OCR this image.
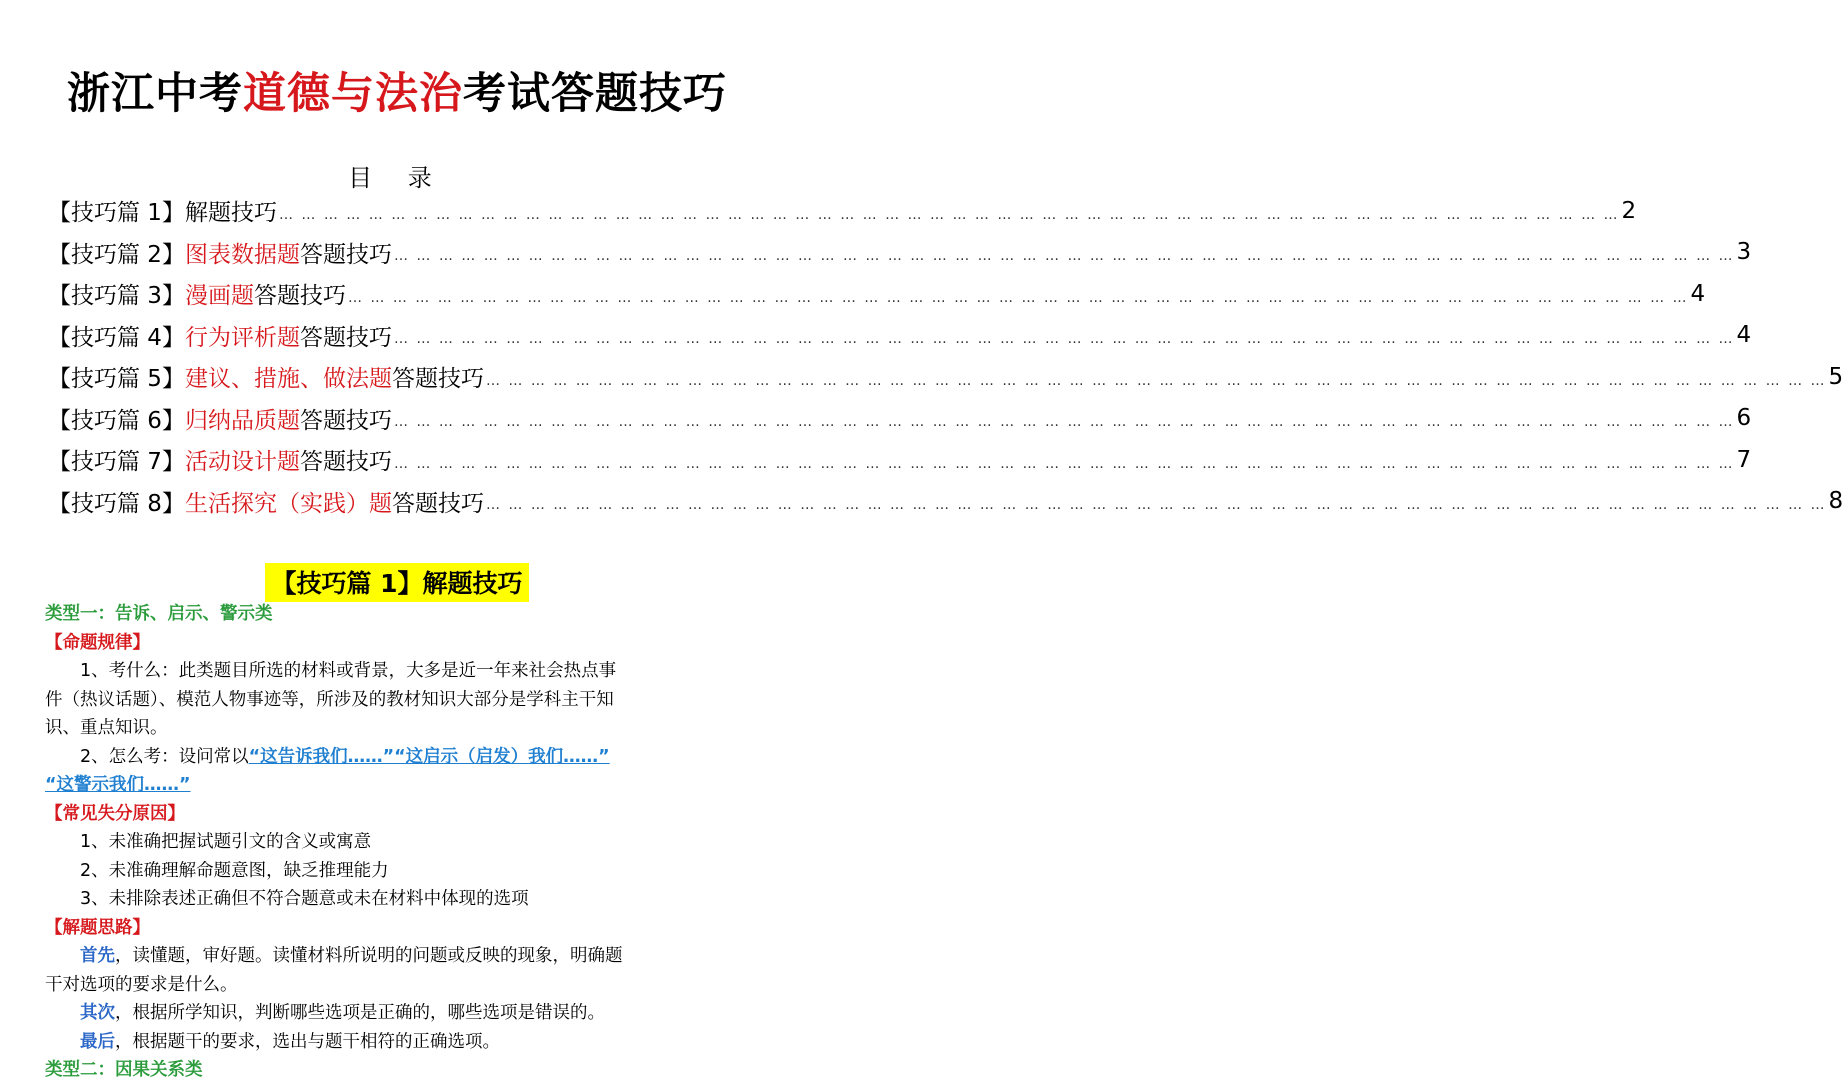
浙江中考道德与法治考试答题技巧
目 录
【技巧篇 1】解题技巧 … … … … … … … … … … … … … … … … … … … … … … … … … … … … … … … … … … … … … … … … … … … … … … … … … … … … … … … … … … … … 2
【技巧篇 2】图表数据题答题技巧 … … … … … … … … … … … … … … … … … … … … … … … … … … … … … … … … … … … … … … … … … … … … … … … … … … … … … … … … … … … … 3
【技巧篇 3】漫画题答题技巧 … … … … … … … … … … … … … … … … … … … … … … … … … … … … … … … … … … … … … … … … … … … … … … … … … … … … … … … … … … … … 4
【技巧篇 4】行为评析题答题技巧 … … … … … … … … … … … … … … … … … … … … … … … … … … … … … … … … … … … … … … … … … … … … … … … … … … … … … … … … … … … … 4
【技巧篇 5】建议、措施、做法题答题技巧 … … … … … … … … … … … … … … … … … … … … … … … … … … … … … … … … … … … … … … … … … … … … … … … … … … … … … … … … … … … … 5
【技巧篇 6】归纳品质题答题技巧 … … … … … … … … … … … … … … … … … … … … … … … … … … … … … … … … … … … … … … … … … … … … … … … … … … … … … … … … … … … … 6
【技巧篇 7】活动设计题答题技巧 … … … … … … … … … … … … … … … … … … … … … … … … … … … … … … … … … … … … … … … … … … … … … … … … … … … … … … … … … … … … 7
【技巧篇 8】生活探究（实践）题答题技巧 … … … … … … … … … … … … … … … … … … … … … … … … … … … … … … … … … … … … … … … … … … … … … … … … … … … … … … … … … … … … 8
【技巧篇 1】解题技巧

类型一：告诉、启示、警示类

【命题规律】

1、考什么：此类题目所选的材料或背景，大多是近一年来社会热点事

件（热议话题）、模范人物事迹等，所涉及的教材知识大部分是学科主干知

识、重点知识。

2、怎么考：设问常以“这告诉我们……”“这启示（启发）我们……”

“这警示我们……”

【常见失分原因】

1、未准确把握试题引文的含义或寓意

2、未准确理解命题意图，缺乏推理能力

3、未排除表述正确但不符合题意或未在材料中体现的选项

【解题思路】

首先，读懂题，审好题。读懂材料所说明的问题或反映的现象，明确题

干对选项的要求是什么。

其次，根据所学知识，判断哪些选项是正确的，哪些选项是错误的。

最后，根据题干的要求，选出与题干相符的正确选项。

类型二：因果关系类
